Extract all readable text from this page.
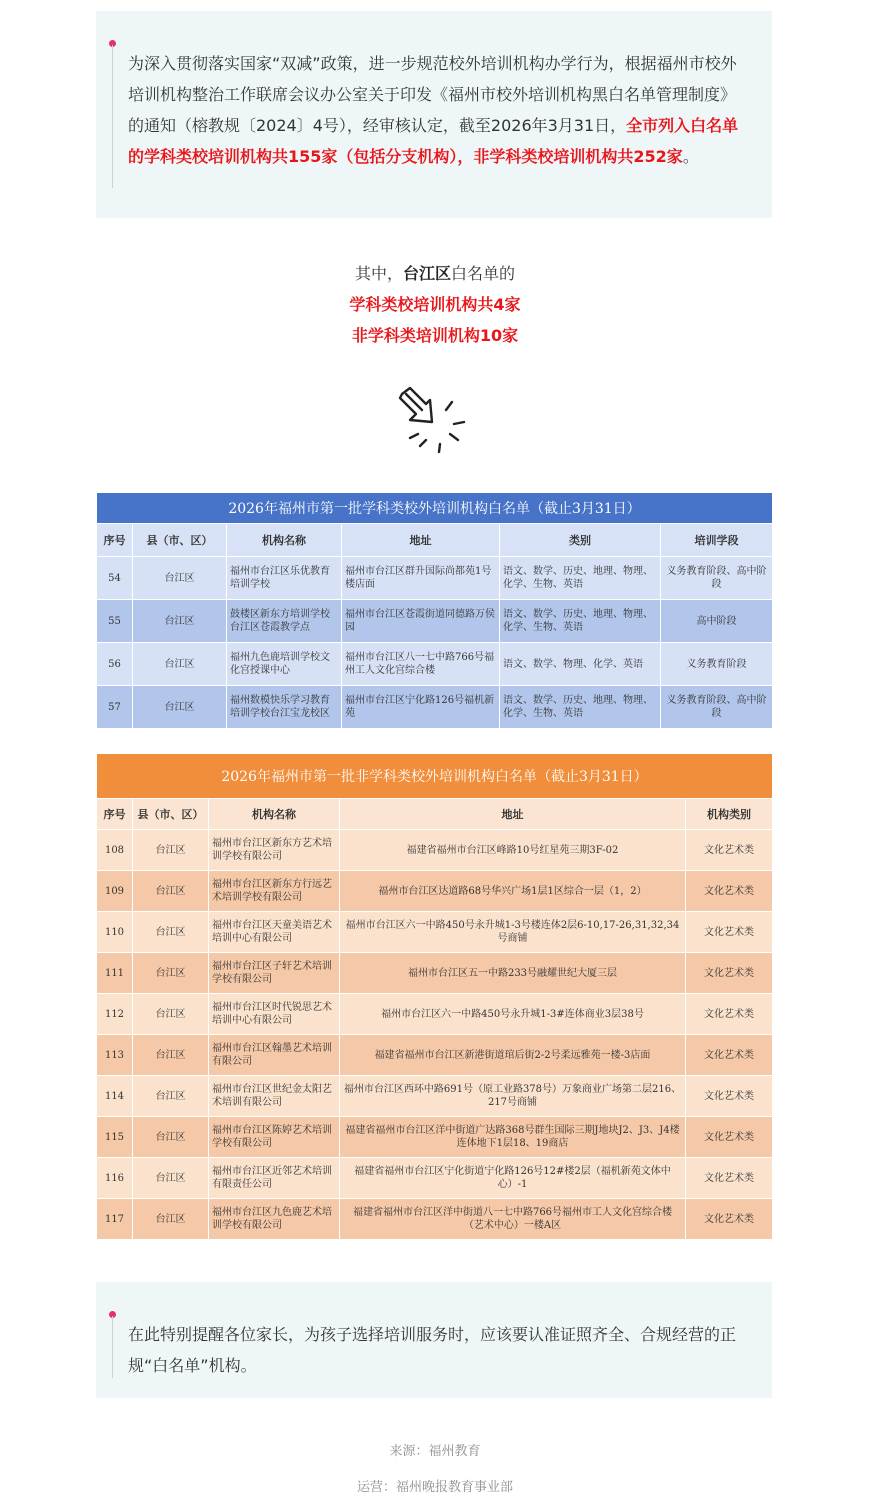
为深入贯彻落实国家“双减”政策，进一步规范校外培训机构办学行为，根据福州市校外培训机构整治工作联席会议办公室关于印发《福州市校外培训机构黑白名单管理制度》的通知（榕教规〔2024〕4号），经审核认定，截至2026年3月31日，全市列入白名单的学科类校培训机构共155家（包括分支机构），非学科类校培训机构共252家。
其中，台江区白名单的
学科类校培训机构共4家
非学科类培训机构10家
2026年福州市第一批学科类校外培训机构白名单（截止3月31日）					
序号	县（市、区）	机构名称	地址	类别	培训学段
54	台江区	福州市台江区乐优教育培训学校	福州市台江区群升国际尚都苑1号楼店面	语文、数学、历史、地理、物理、化学、生物、英语	义务教育阶段、高中阶段
55	台江区	鼓楼区新东方培训学校台江区苍霞教学点	福州市台江区苍霞街道同德路万侯园	语文、数学、历史、地理、物理、化学、生物、英语	高中阶段
56	台江区	福州九色鹿培训学校文化宫授课中心	福州市台江区八一七中路766号福州工人文化宫综合楼	语文、数学、物理、化学、英语	义务教育阶段
57	台江区	福州数模快乐学习教育培训学校台江宝龙校区	福州市台江区宁化路126号福机新苑	语文、数学、历史、地理、物理、化学、生物、英语	义务教育阶段、高中阶段
2026年福州市第一批非学科类校外培训机构白名单（截止3月31日）				
序号	县（市、区）	机构名称	地址	机构类别
108	台江区	福州市台江区新东方艺术培训学校有限公司	福建省福州市台江区峰路10号红星苑三期3F-02	文化艺术类
109	台江区	福州市台江区新东方行远艺术培训学校有限公司	福州市台江区达道路68号华兴广场1层1区综合一层（1，2）	文化艺术类
110	台江区	福州市台江区天童美语艺术培训中心有限公司	福州市台江区六一中路450号永升城1-3号楼连体2层6-10,17-26,31,32,34号商铺	文化艺术类
111	台江区	福州市台江区子轩艺术培训学校有限公司	福州市台江区五一中路233号融耀世纪大厦三层	文化艺术类
112	台江区	福州市台江区时代锐思艺术培训中心有限公司	福州市台江区六一中路450号永升城1-3#连体商业3层38号	文化艺术类
113	台江区	福州市台江区翰墨艺术培训有限公司	福建省福州市台江区新港街道琯后街2-2号柔远雅苑一楼-3店面	文化艺术类
114	台江区	福州市台江区世纪金太阳艺术培训有限公司	福州市台江区西环中路691号（原工业路378号）万象商业广场第二层216、217号商铺	文化艺术类
115	台江区	福州市台江区陈婷艺术培训学校有限公司	福建省福州市台江区洋中街道广达路368号群生国际三期J地块J2、J3、J4楼连体地下1层18、19商店	文化艺术类
116	台江区	福州市台江区近邻艺术培训有限责任公司	福建省福州市台江区宁化街道宁化路126号12#楼2层（福机新苑文体中心）-1	文化艺术类
117	台江区	福州市台江区九色鹿艺术培训学校有限公司	福建省福州市台江区洋中街道八一七中路766号福州市工人文化宫综合楼（艺术中心）一楼A区	文化艺术类
在此特别提醒各位家长，为孩子选择培训服务时，应该要认准证照齐全、合规经营的正规“白名单”机构。
来源：福州教育
运营：福州晚报教育事业部
